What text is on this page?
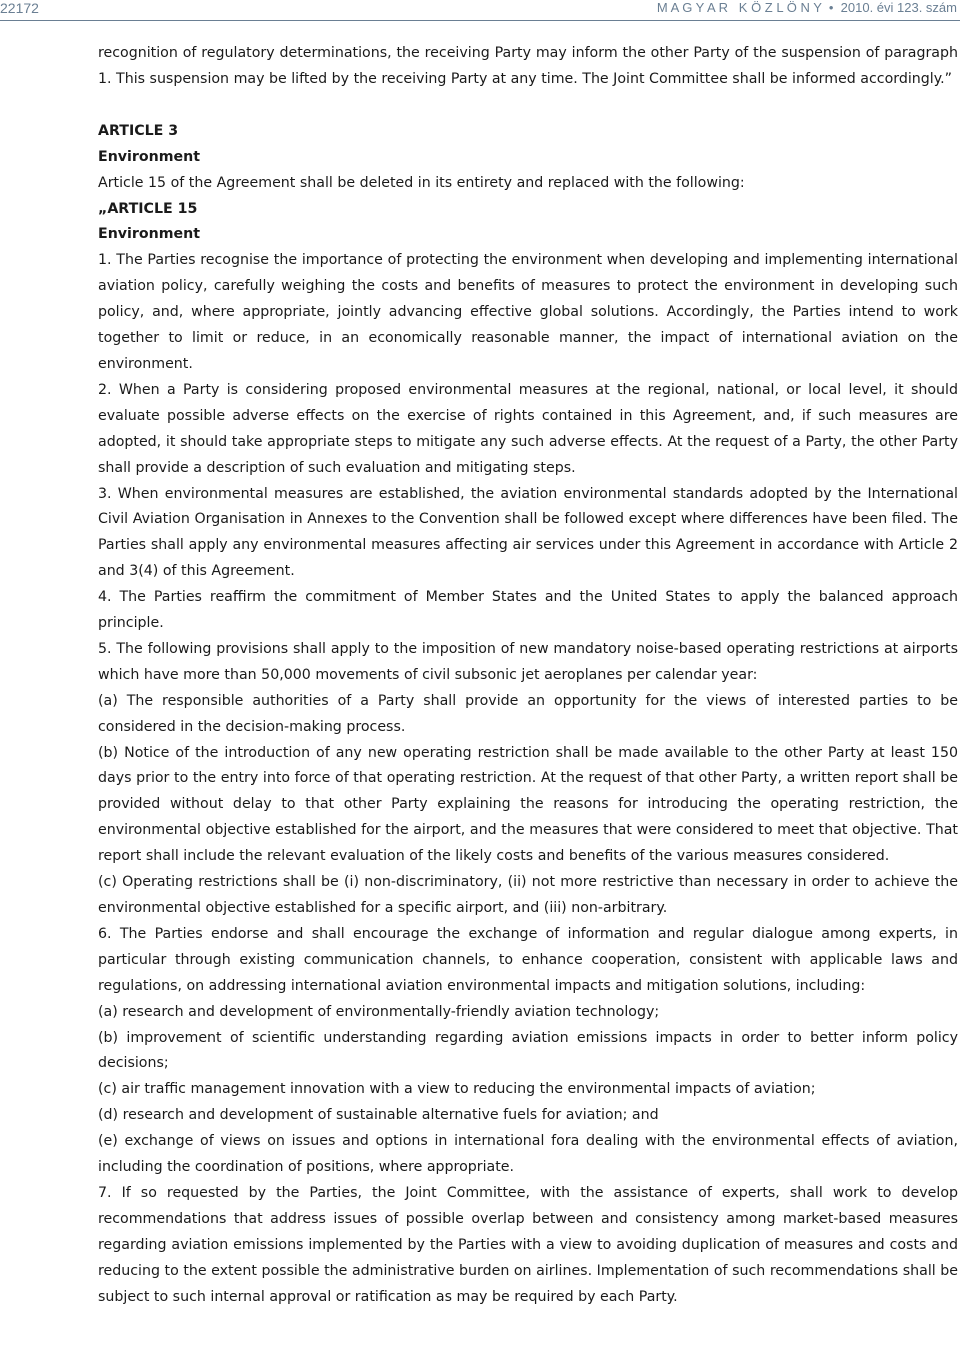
22172	M A G Y A R   K Ö Z L Ö N Y  •  2010. évi 123. szám

recognition of regulatory determinations, the receiving Party may inform the other Party of the suspension of paragraph 1. This suspension may be lifted by the receiving Party at any time. The Joint Committee shall be informed accordingly.”

ARTICLE 3

Environment

Article 15 of the Agreement shall be deleted in its entirety and replaced with the following:

„ARTICLE 15

Environment

1. The Parties recognise the importance of protecting the environment when developing and implementing international aviation policy, carefully weighing the costs and benefits of measures to protect the environment in developing such policy, and, where appropriate, jointly advancing effective global solutions. Accordingly, the Parties intend to work together to limit or reduce, in an economically reasonable manner, the impact of international aviation on the environment.

2. When a Party is considering proposed environmental measures at the regional, national, or local level, it should evaluate possible adverse effects on the exercise of rights contained in this Agreement, and, if such measures are adopted, it should take appropriate steps to mitigate any such adverse effects. At the request of a Party, the other Party shall provide a description of such evaluation and mitigating steps.

3. When environmental measures are established, the aviation environmental standards adopted by the International Civil Aviation Organisation in Annexes to the Convention shall be followed except where differences have been filed. The Parties shall apply any environmental measures affecting air services under this Agreement in accordance with Article 2 and 3(4) of this Agreement.

4. The Parties reaffirm the commitment of Member States and the United States to apply the balanced approach principle.

5. The following provisions shall apply to the imposition of new mandatory noise-based operating restrictions at airports which have more than 50,000 movements of civil subsonic jet aeroplanes per calendar year:

(a) The responsible authorities of a Party shall provide an opportunity for the views of interested parties to be considered in the decision-making process.

(b) Notice of the introduction of any new operating restriction shall be made available to the other Party at least 150 days prior to the entry into force of that operating restriction. At the request of that other Party, a written report shall be provided without delay to that other Party explaining the reasons for introducing the operating restriction, the environmental objective established for the airport, and the measures that were considered to meet that objective. That report shall include the relevant evaluation of the likely costs and benefits of the various measures considered.

(c) Operating restrictions shall be (i) non-discriminatory, (ii) not more restrictive than necessary in order to achieve the environmental objective established for a specific airport, and (iii) non-arbitrary.

6. The Parties endorse and shall encourage the exchange of information and regular dialogue among experts, in particular through existing communication channels, to enhance cooperation, consistent with applicable laws and regulations, on addressing international aviation environmental impacts and mitigation solutions, including:

(a) research and development of environmentally-friendly aviation technology;

(b) improvement of scientific understanding regarding aviation emissions impacts in order to better inform policy decisions;

(c) air traffic management innovation with a view to reducing the environmental impacts of aviation;

(d) research and development of sustainable alternative fuels for aviation; and

(e) exchange of views on issues and options in international fora dealing with the environmental effects of aviation, including the coordination of positions, where appropriate.

7. If so requested by the Parties, the Joint Committee, with the assistance of experts, shall work to develop recommendations that address issues of possible overlap between and consistency among market-based measures regarding aviation emissions implemented by the Parties with a view to avoiding duplication of measures and costs and reducing to the extent possible the administrative burden on airlines. Implementation of such recommendations shall be subject to such internal approval or ratification as may be required by each Party.
